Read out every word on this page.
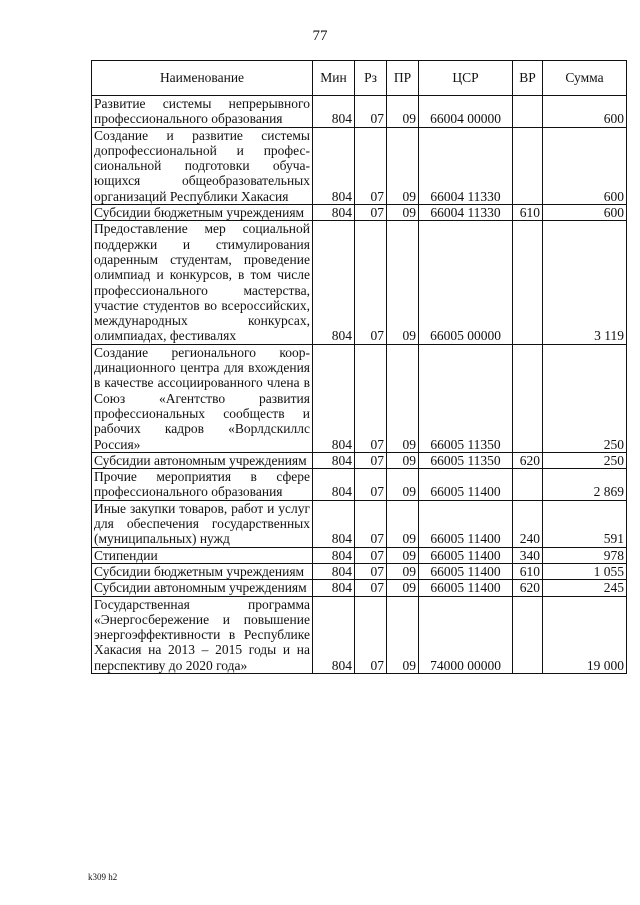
77
Наименование	Мин	Рз	ПР	ЦСР	ВР	Сумма
Развитие системы непрерывного профессионального образования	804	07	09	66004 00000		600
Создание и развитие системы допрофессиональной и профессиональной подготовки обучающихся общеобразовательных организаций Республики Хакасия	804	07	09	66004 11330		600
Субсидии бюджетным учреждениям	804	07	09	66004 11330	610	600
Предоставление мер социальной поддержки и стимулирования одаренным студентам, проведение олимпиад и конкурсов, в том числе профессионального мастерства, участие студентов во всероссийских, международных конкурсах, олимпиадах, фестивалях	804	07	09	66005 00000		3 119
Создание регионального координационного центра для вхождения в качестве ассоциированного члена в Союз «Агентство развития профессиональных сообществ и рабочих кадров «Ворлдскиллс Россия»	804	07	09	66005 11350		250
Субсидии автономным учреждениям	804	07	09	66005 11350	620	250
Прочие мероприятия в сфере профессионального образования	804	07	09	66005 11400		2 869
Иные закупки товаров, работ и услуг для обеспечения государственных (муниципальных) нужд	804	07	09	66005 11400	240	591
Стипендии	804	07	09	66005 11400	340	978
Субсидии бюджетным учреждениям	804	07	09	66005 11400	610	1 055
Субсидии автономным учреждениям	804	07	09	66005 11400	620	245
Государственная программа «Энергосбережение и повышение энергоэффективности в Республике Хакасия на 2013 – 2015 годы и на перспективу до 2020 года»	804	07	09	74000 00000		19 000
k309 h2
